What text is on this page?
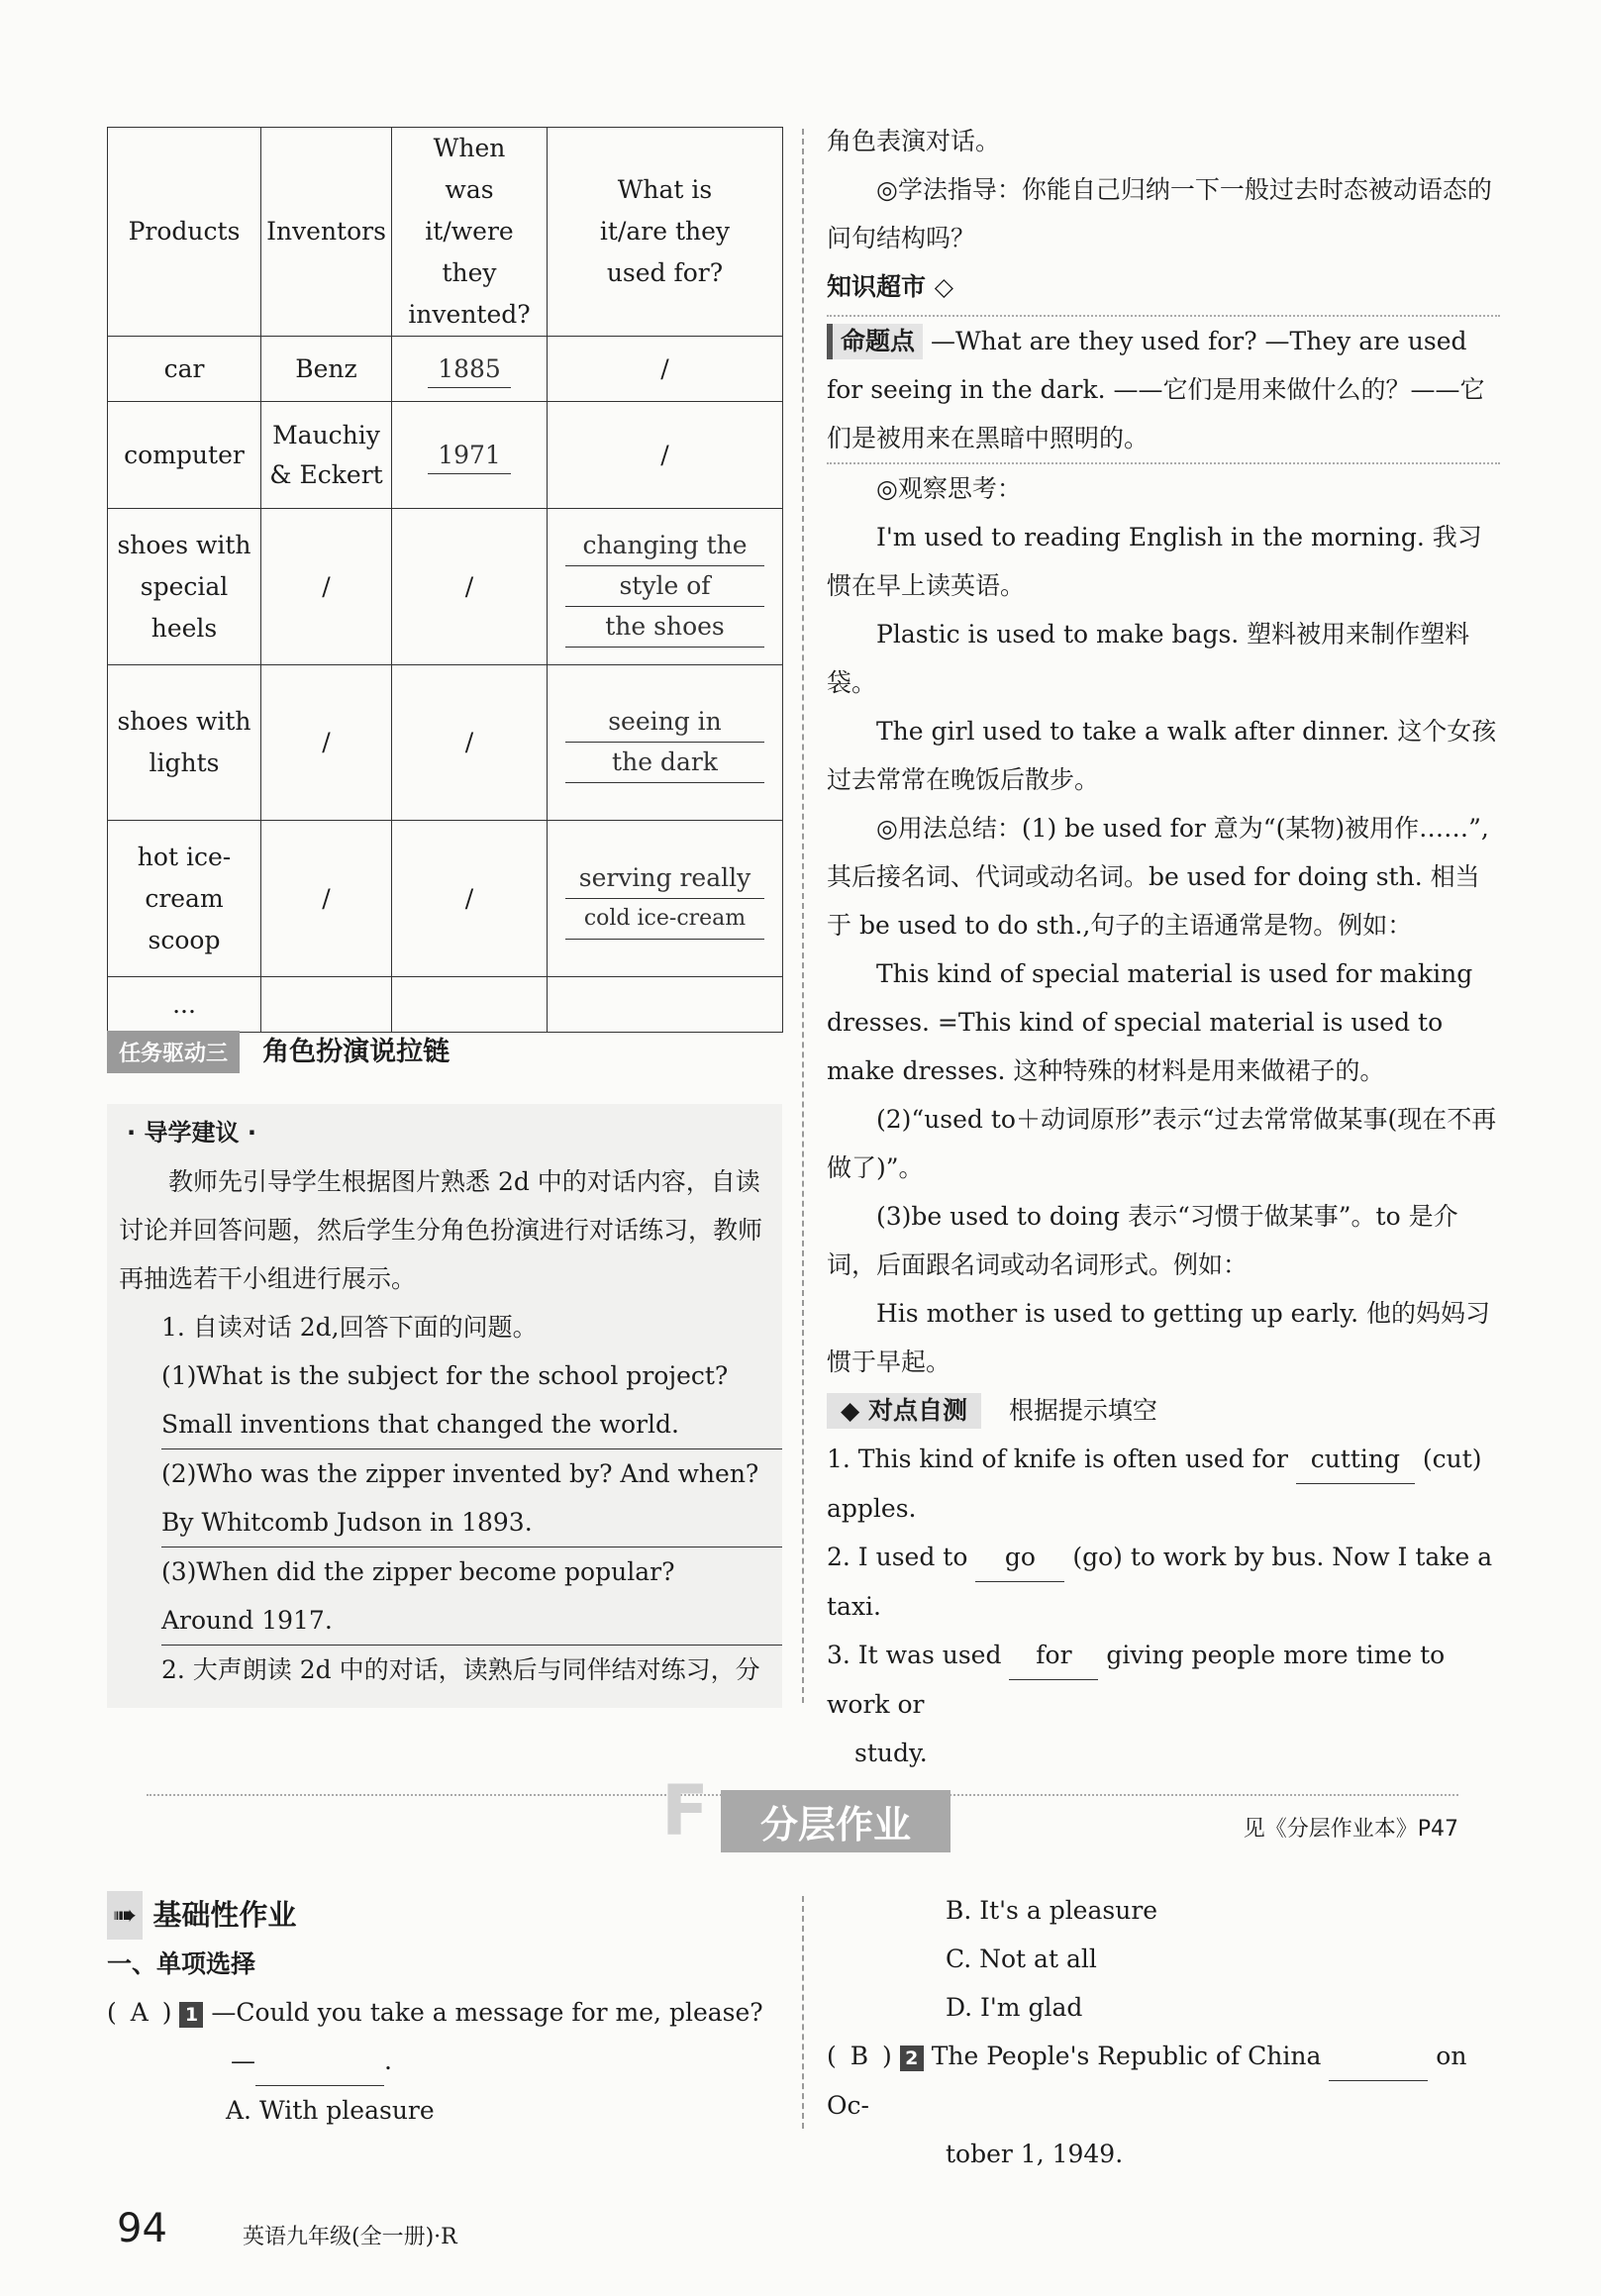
Products	Inventors	When was it/were they invented?	What is it/are they used for?
car	Benz	1885	/
computer	Mauchiy & Eckert	1971	/
shoes with special heels	/	/	changing the
style of
the shoes

shoes with lights	/	/	seeing in
the dark

hot ice-cream scoop	/	/	serving really
cold ice-cream

...			
任务驱动三 角色扮演说拉链
· 导学建议 ·
教师先引导学生根据图片熟悉 2d 中的对话内容，自读讨论并回答问题，然后学生分角色扮演进行对话练习，教师再抽选若干小组进行展示。
1. 自读对话 2d,回答下面的问题。
(1)What is the subject for the school project?
Small inventions that changed the world.
(2)Who was the zipper invented by? And when?
By Whitcomb Judson in 1893.
(3)When did the zipper become popular?
Around 1917.
2. 大声朗读 2d 中的对话，读熟后与同伴结对练习，分
角色表演对话。
◎学法指导：你能自己归纳一下一般过去时态被动语态的问句结构吗？
知识超市 ◇
命题点 —What are they used for? —They are used for seeing in the dark. ——它们是用来做什么的？——它们是被用来在黑暗中照明的。
◎观察思考：
I'm used to reading English in the morning. 我习惯在早上读英语。
Plastic is used to make bags. 塑料被用来制作塑料袋。
The girl used to take a walk after dinner. 这个女孩过去常常在晚饭后散步。
◎用法总结：(1) be used for 意为“(某物)被用作……”,其后接名词、代词或动名词。be used for doing sth. 相当于 be used to do sth.,句子的主语通常是物。例如：
This kind of special material is used for making dresses. =This kind of special material is used to make dresses. 这种特殊的材料是用来做裙子的。
(2)“used to＋动词原形”表示“过去常常做某事(现在不再做了)”。
(3)be used to doing 表示“习惯于做某事”。to 是介词，后面跟名词或动名词形式。例如：
His mother is used to getting up early. 他的妈妈习惯于早起。
◆ 对点自测 根据提示填空
1. This kind of knife is often used for cutting (cut) apples.
2. I used to go (go) to work by bus. Now I take a taxi.
3. It was used for giving people more time to work or
study.
F	分层作业	见《分层作业本》P47
➠ 基础性作业
一、单项选择
( A ) 1 —Could you take a message for me, please?
—	.
A. With pleasure
B. It's a pleasure
C. Not at all
D. I'm glad
( B ) 2 The People's Republic of China	on Oc-
tober 1, 1949.
94	英语九年级(全一册)·R
